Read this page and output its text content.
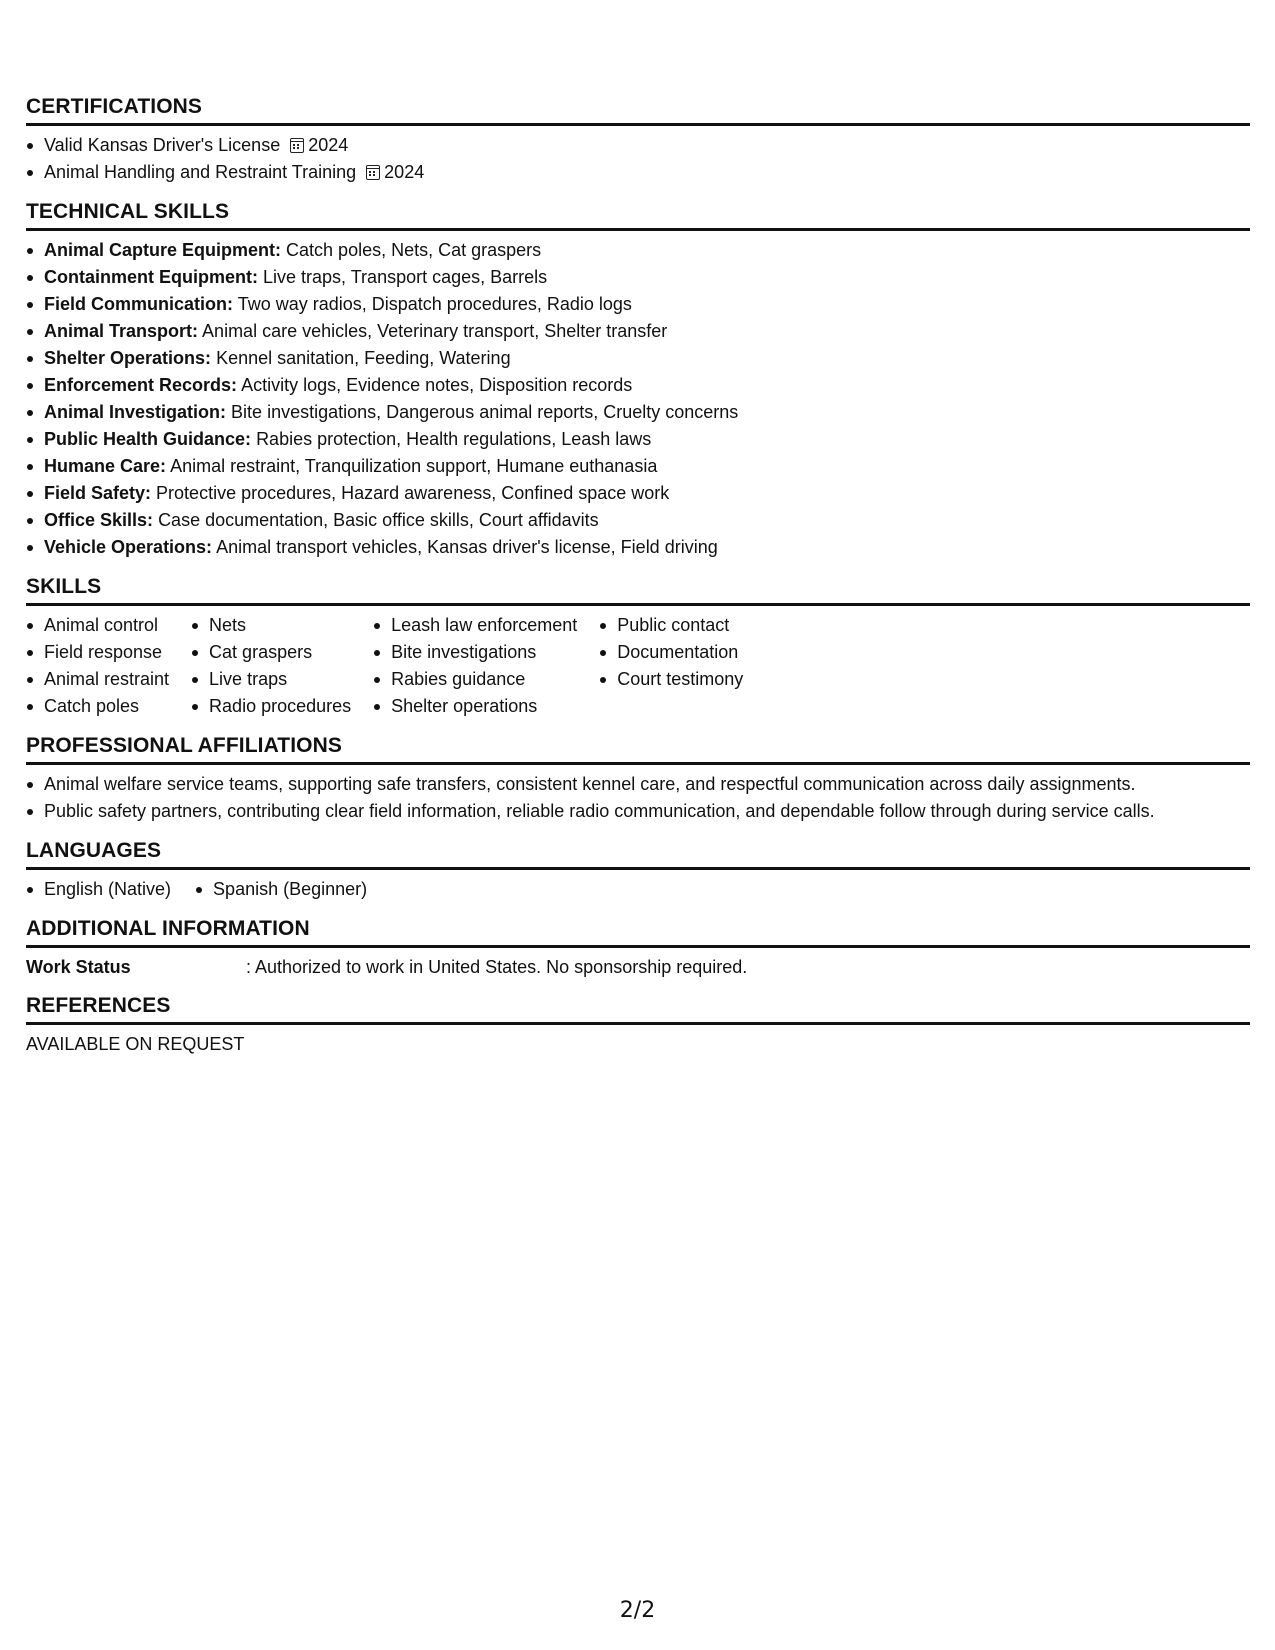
CERTIFICATIONS
Valid Kansas Driver's License 2024
Animal Handling and Restraint Training 2024
TECHNICAL SKILLS
Animal Capture Equipment: Catch poles, Nets, Cat graspers
Containment Equipment: Live traps, Transport cages, Barrels
Field Communication: Two way radios, Dispatch procedures, Radio logs
Animal Transport: Animal care vehicles, Veterinary transport, Shelter transfer
Shelter Operations: Kennel sanitation, Feeding, Watering
Enforcement Records: Activity logs, Evidence notes, Disposition records
Animal Investigation: Bite investigations, Dangerous animal reports, Cruelty concerns
Public Health Guidance: Rabies protection, Health regulations, Leash laws
Humane Care: Animal restraint, Tranquilization support, Humane euthanasia
Field Safety: Protective procedures, Hazard awareness, Confined space work
Office Skills: Case documentation, Basic office skills, Court affidavits
Vehicle Operations: Animal transport vehicles, Kansas driver's license, Field driving
SKILLS
Animal control
Field response
Animal restraint
Catch poles
Nets
Cat graspers
Live traps
Radio procedures
Leash law enforcement
Bite investigations
Rabies guidance
Shelter operations
Public contact
Documentation
Court testimony
PROFESSIONAL AFFILIATIONS
Animal welfare service teams, supporting safe transfers, consistent kennel care, and respectful communication across daily assignments.
Public safety partners, contributing clear field information, reliable radio communication, and dependable follow through during service calls.
LANGUAGES
English (Native)	Spanish (Beginner)
ADDITIONAL INFORMATION
Work Status	: Authorized to work in United States. No sponsorship required.
REFERENCES
AVAILABLE ON REQUEST
2/2
